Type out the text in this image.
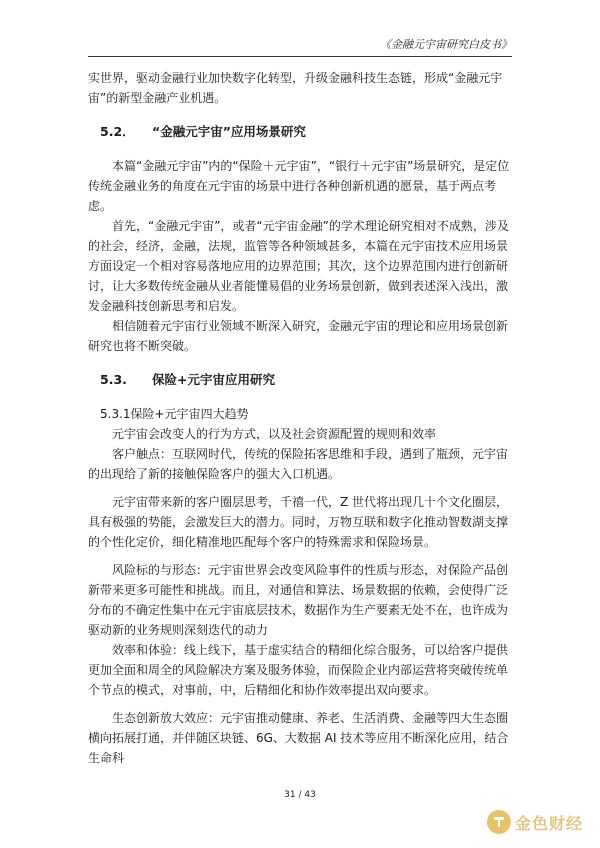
《金融元宇宙研究白皮书》

实世界，驱动金融行业加快数字化转型，升级金融科技生态链，形成“金融元宇宙”的新型金融产业机遇。

5.2． “金融元宇宙”应用场景研究

本篇“金融元宇宙”内的“保险＋元宇宙”，“银行＋元宇宙”场景研究，是定位传统金融业务的角度在元宇宙的场景中进行各种创新机遇的愿景，基于两点考虑。

首先，“金融元宇宙”，或者“元宇宙金融”的学术理论研究相对不成熟，涉及的社会，经济，金融，法规，监管等各种领域甚多，本篇在元宇宙技术应用场景方面设定一个相对容易落地应用的边界范围；其次，这个边界范围内进行创新研讨，让大多数传统金融从业者能懂易倡的业务场景创新，做到表述深入浅出，激发金融科技创新思考和启发。

相信随着元宇宙行业领域不断深入研究，金融元宇宙的理论和应用场景创新研究也将不断突破。

5.3. 保险+元宇宙应用研究
5.3.1保险+元宇宙四大趋势

元宇宙会改变人的行为方式，以及社会资源配置的规则和效率

客户触点：互联网时代，传统的保险拓客思维和手段，遇到了瓶颈，元宇宙的出现给了新的接触保险客户的强大入口机遇。

元宇宙带来新的客户圈层思考，千禧一代，Z 世代将出现几十个文化圈层，具有极强的势能，会激发巨大的潜力。同时，万物互联和数字化推动智数湖支撑的个性化定价，细化精准地匹配每个客户的特殊需求和保险场景。

风险标的与形态：元宇宙世界会改变风险事件的性质与形态，对保险产品创新带来更多可能性和挑战。而且，对通信和算法、场景数据的依赖，会使得广泛分布的不确定性集中在元宇宙底层技术，数据作为生产要素无处不在，也许成为驱动新的业务规则深刻迭代的动力

效率和体验：线上线下，基于虚实结合的精细化综合服务，可以给客户提供更加全面和周全的风险解决方案及服务体验，而保险企业内部运营将突破传统单个节点的模式，对事前，中，后精细化和协作效率提出双向要求。

生态创新放大效应：元宇宙推动健康、养老、生活消费、金融等四大生态圈横向拓展打通，并伴随区块链、6G、大数据 AI 技术等应用不断深化应用，结合生命科

31 / 43
金色财经
